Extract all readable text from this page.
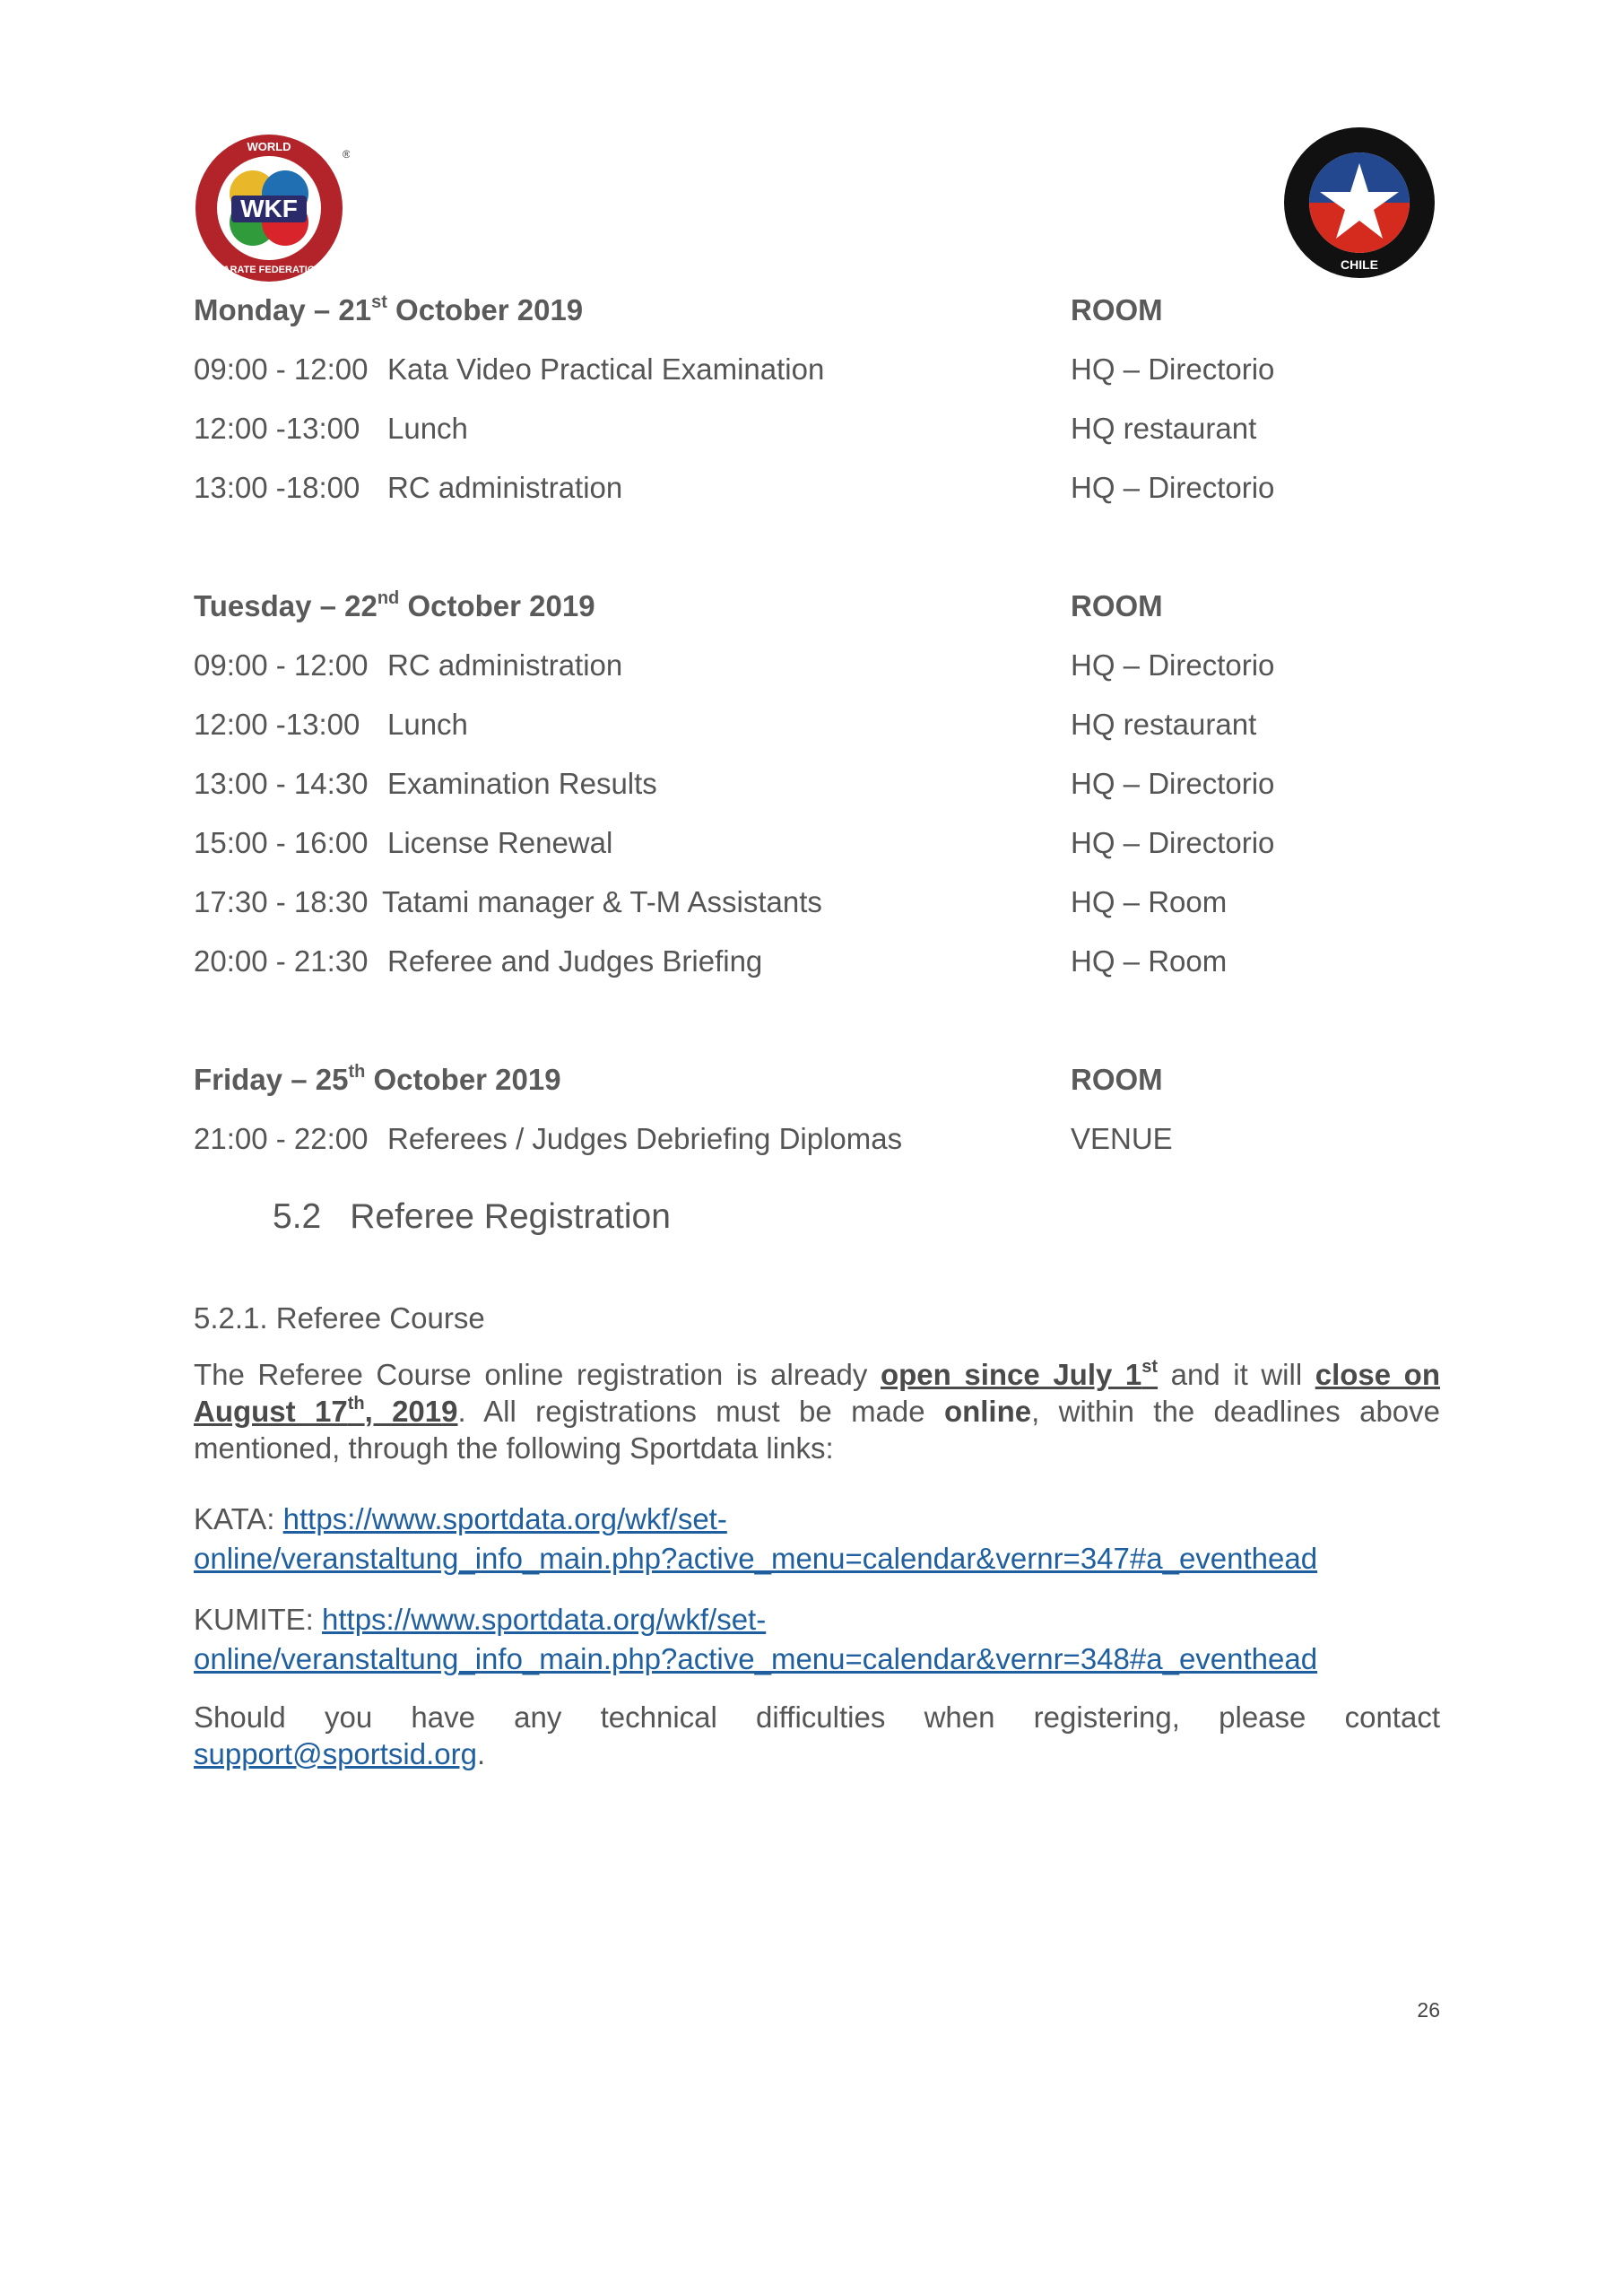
WKF
WORLD
KARATE FEDERATION
®
CHILE
Monday – 21st October 2019	ROOM
09:00 - 12:00 Kata Video Practical Examination	HQ – Directorio
12:00 -13:00 Lunch	HQ restaurant
13:00 -18:00 RC administration	HQ – Directorio
Tuesday – 22nd October 2019	ROOM
09:00 - 12:00 RC administration	HQ – Directorio
12:00 -13:00 Lunch	HQ restaurant
13:00 - 14:30 Examination Results	HQ – Directorio
15:00 - 16:00 License Renewal	HQ – Directorio
17:30 - 18:30 Tatami manager & T-M Assistants	HQ – Room
20:00 - 21:30 Referee and Judges Briefing	HQ – Room
Friday – 25th October 2019	ROOM
21:00 - 22:00 Referees / Judges Debriefing Diplomas	VENUE
5.2 Referee Registration
5.2.1. Referee Course
The Referee Course online registration is already open since July 1st and it will close on
August 17th, 2019. All registrations must be made online, within the deadlines above mentioned, through the following Sportdata links:
KATA: https://www.sportdata.org/wkf/set-
online/veranstaltung_info_main.php?active_menu=calendar&vernr=347#a_eventhead
KUMITE: https://www.sportdata.org/wkf/set-
online/veranstaltung_info_main.php?active_menu=calendar&vernr=348#a_eventhead
Should you have any technical difficulties when registering, please contact
support@sportsid.org.
26
